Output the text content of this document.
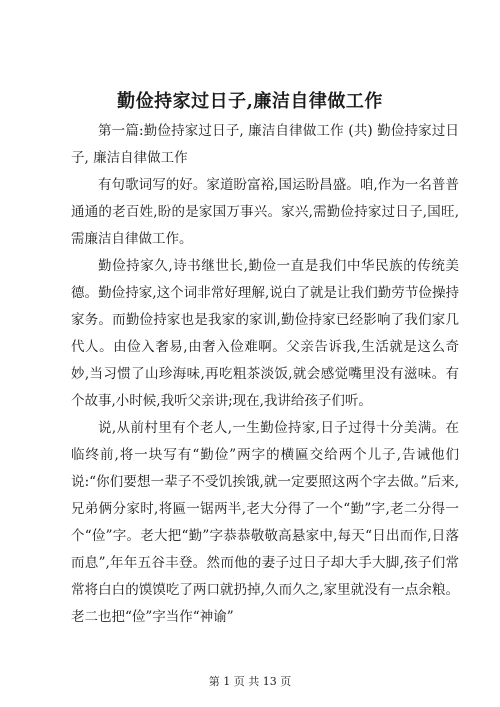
勤俭持家过日子,廉洁自律做工作

第一篇:勤俭持家过日子, 廉洁自律做工作 (共) 勤俭持家过日子, 廉洁自律做工作

有句歌词写的好。家道盼富裕,国运盼昌盛。咱,作为一名普普通通的老百姓,盼的是家国万事兴。家兴,需勤俭持家过日子,国旺,需廉洁自律做工作。

勤俭持家久,诗书继世长,勤俭一直是我们中华民族的传统美德。勤俭持家,这个词非常好理解,说白了就是让我们勤劳节俭操持家务。而勤俭持家也是我家的家训,勤俭持家已经影响了我们家几代人。由俭入奢易,由奢入俭难啊。父亲告诉我,生活就是这么奇妙,当习惯了山珍海味,再吃粗茶淡饭,就会感觉嘴里没有滋味。有个故事,小时候,我听父亲讲;现在,我讲给孩子们听。

说,从前村里有个老人,一生勤俭持家,日子过得十分美满。在临终前,将一块写有“勤俭”两字的横匾交给两个儿子,告诫他们说:“你们要想一辈子不受饥挨饿,就一定要照这两个字去做。”后来,兄弟俩分家时,将匾一锯两半,老大分得了一个“勤”字,老二分得一个“俭”字。老大把“勤”字恭恭敬敬高悬家中,每天“日出而作,日落而息”,年年五谷丰登。然而他的妻子过日子却大手大脚,孩子们常常将白白的馍馍吃了两口就扔掉,久而久之,家里就没有一点余粮。老二也把“俭”字当作“神谕”

第 1 页 共 13 页
